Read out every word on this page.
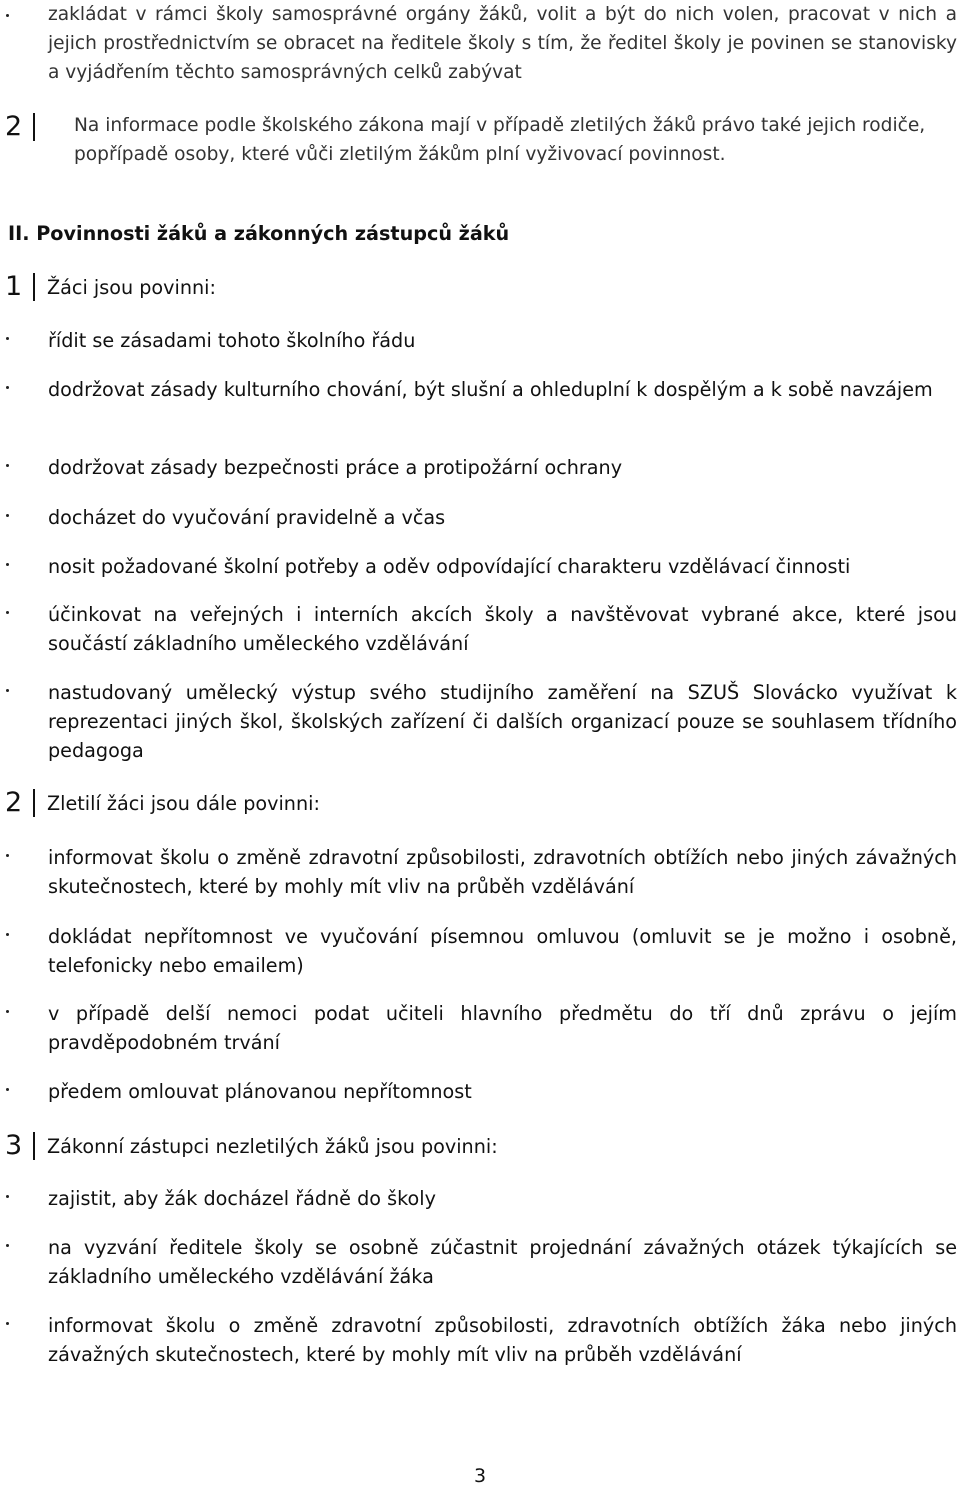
zakládat v rámci školy samosprávné orgány žáků, volit a být do nich volen, pracovat v nich a jejich prostřednictvím se obracet na ředitele školy s tím, že ředitel školy je povinen se stanovisky a vyjádřením těchto samosprávných celků zabývat
2	Na informace podle školského zákona mají v případě zletilých žáků právo také jejich rodiče, popřípadě osoby, které vůči zletilým žákům plní vyživovací povinnost.
II. Povinnosti žáků a zákonných zástupců žáků
1 Žáci jsou povinni:
řídit se zásadami tohoto školního řádu
dodržovat zásady kulturního chování, být slušní a ohleduplní k dospělým a k sobě navzájem
dodržovat zásady bezpečnosti práce a protipožární ochrany
docházet do vyučování pravidelně a včas
nosit požadované školní potřeby a oděv odpovídající charakteru vzdělávací činnosti
účinkovat na veřejných i interních akcích školy a navštěvovat vybrané akce, které jsou součástí základního uměleckého vzdělávání
nastudovaný umělecký výstup svého studijního zaměření na SZUŠ Slovácko využívat k reprezentaci jiných škol, školských zařízení či dalších organizací pouze se souhlasem třídního pedagoga
2 Zletilí žáci jsou dále povinni:
informovat školu o změně zdravotní způsobilosti, zdravotních obtížích nebo jiných závažných skutečnostech, které by mohly mít vliv na průběh vzdělávání
dokládat nepřítomnost ve vyučování písemnou omluvou (omluvit se je možno i osobně, telefonicky nebo emailem)
v případě delší nemoci podat učiteli hlavního předmětu do tří dnů zprávu o jejím pravděpodobném trvání
předem omlouvat plánovanou nepřítomnost
3 Zákonní zástupci nezletilých žáků jsou povinni:
zajistit, aby žák docházel řádně do školy
na vyzvání ředitele školy se osobně zúčastnit projednání závažných otázek týkajících se základního uměleckého vzdělávání žáka
informovat školu o změně zdravotní způsobilosti, zdravotních obtížích žáka nebo jiných závažných skutečnostech, které by mohly mít vliv na průběh vzdělávání
3
